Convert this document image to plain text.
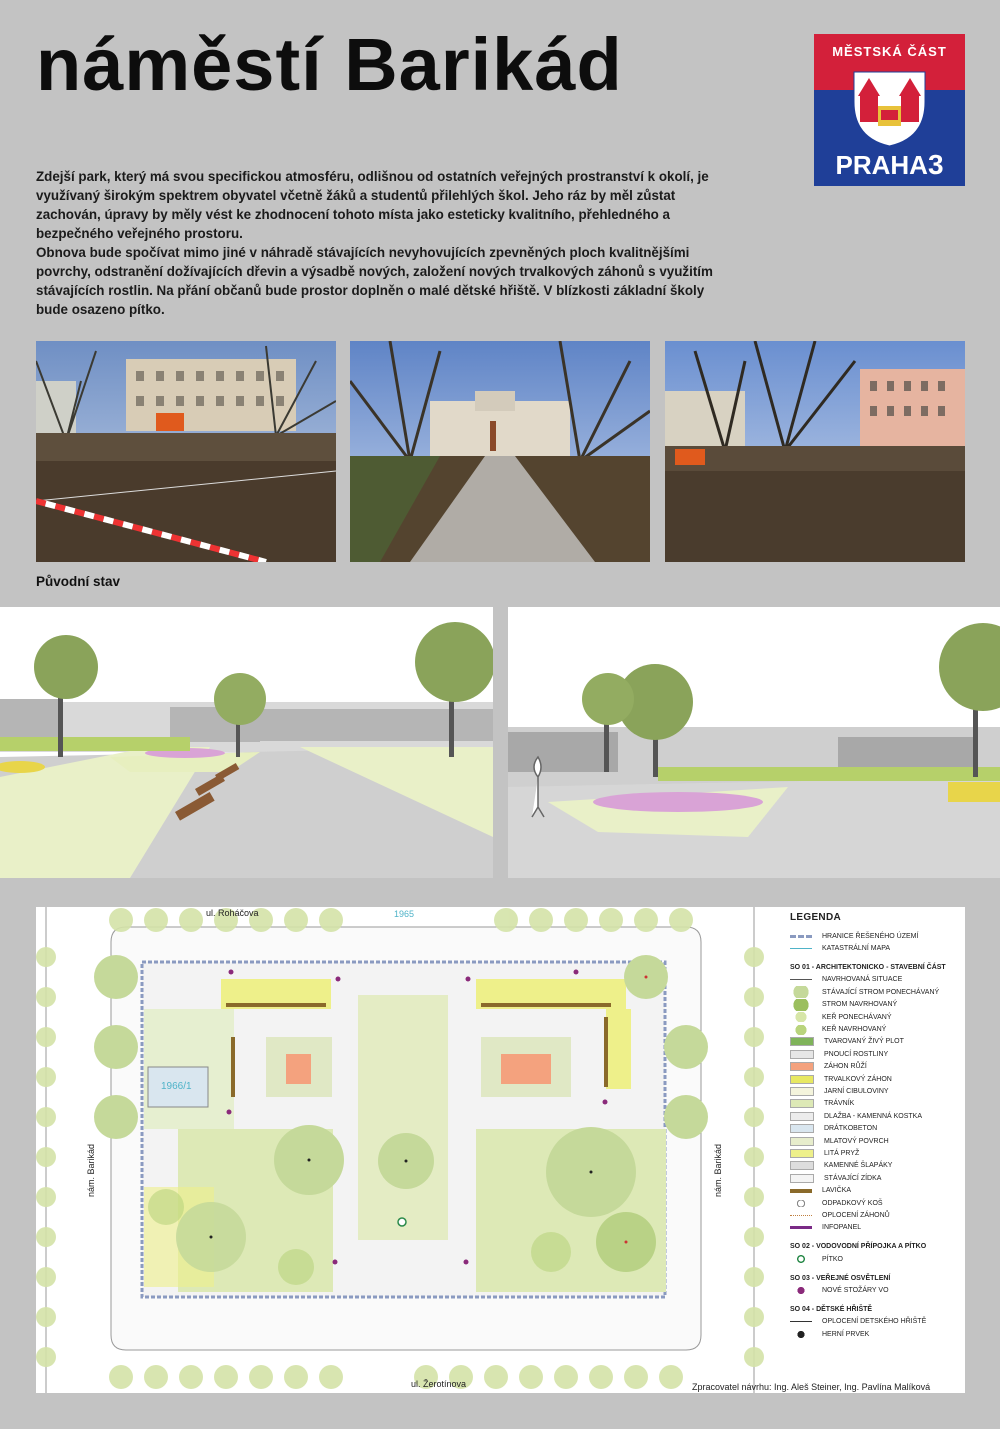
náměstí Barikád	MĚSTSKÁ ČÁST
PRAHA3

Zdejší park, který má svou specifickou atmosféru, odlišnou od ostatních veřejných prostranství k okolí, je využívaný širokým spektrem obyvatel včetně žáků a studentů přilehlých škol. Jeho ráz by měl zůstat zachován, úpravy by měly vést ke zhodnocení tohoto místa jako esteticky kvalitního, přehledného a bezpečného veřejného prostoru.

Obnova bude spočívat mimo jiné v náhradě stávajících nevyhovujících zpevněných ploch kvalitnějšími povrchy, odstranění dožívajících dřevin a výsadbě nových, založení nových trvalkových záhonů s využitím stávajících rostlin. Na přání občanů bude prostor doplněn o malé dětské hřiště. V blízkosti základní školy bude osazeno pítko.

Původní stav
ul. Roháčova
ul. Žerotínova
nám. Barikád	nám. Barikád
1965
1966/1
LEGENDA
HRANICE ŘEŠENÉHO ÚZEMÍ
KATASTRÁLNÍ MAPA
SO 01 - ARCHITEKTONICKO - STAVEBNÍ ČÁST
NAVRHOVANÁ SITUACE
STÁVAJÍCÍ STROM PONECHÁVANÝ
STROM NAVRHOVANÝ
KEŘ PONECHÁVANÝ
KEŘ NAVRHOVANÝ
TVAROVANÝ ŽIVÝ PLOT
PNOUCÍ ROSTLINY
ZÁHON RŮŽÍ
TRVALKOVÝ ZÁHON
JARNÍ CIBULOVINY
TRÁVNÍK
DLAŽBA - KAMENNÁ KOSTKA
DRÁTKOBETON
MLATOVÝ POVRCH
LITÁ PRYŽ
KAMENNÉ ŠLAPÁKY
STÁVAJÍCÍ ZÍDKA
LAVIČKA
ODPADKOVÝ KOŠ
OPLOCENÍ ZÁHONŮ
INFOPANEL
SO 02 - VODOVODNÍ PŘÍPOJKA A PÍTKO
PÍTKO
SO 03 - VEŘEJNÉ OSVĚTLENÍ
NOVÉ STOŽÁRY VO
SO 04 - DĚTSKÉ HŘIŠTĚ
OPLOCENÍ DETSKÉHO HŘIŠTĚ
HERNÍ PRVEK
Zpracovatel návrhu: Ing. Aleš Steiner, Ing. Pavlína Malíková
